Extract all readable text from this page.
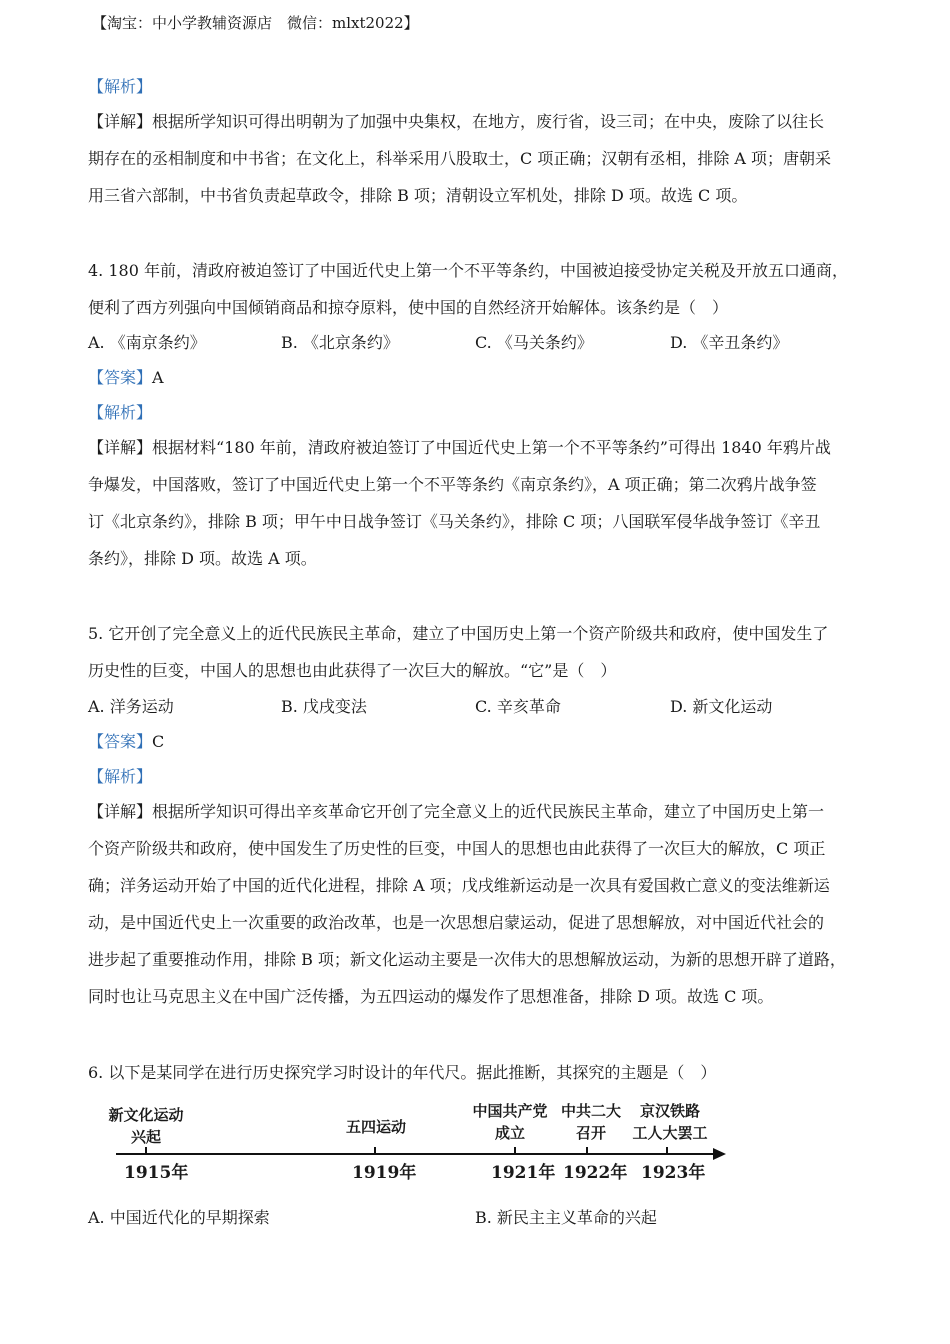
【淘宝：中小学教辅资源店　微信：mlxt2022】
【解析】
【详解】根据所学知识可得出明朝为了加强中央集权，在地方，废行省，设三司；在中央，废除了以往长
期存在的丞相制度和中书省；在文化上，科举采用八股取士，C 项正确；汉朝有丞相，排除 A 项；唐朝采
用三省六部制，中书省负责起草政令，排除 B 项；清朝设立军机处，排除 D 项。故选 C 项。
4. 180 年前，清政府被迫签订了中国近代史上第一个不平等条约，中国被迫接受协定关税及开放五口通商，
便利了西方列强向中国倾销商品和掠夺原料，使中国的自然经济开始解体。该条约是（　）
A. 《南京条约》	B. 《北京条约》	C. 《马关条约》	D. 《辛丑条约》
【答案】A
【解析】
【详解】根据材料“180 年前，清政府被迫签订了中国近代史上第一个不平等条约”可得出 1840 年鸦片战
争爆发，中国落败，签订了中国近代史上第一个不平等条约《南京条约》，A 项正确；第二次鸦片战争签
订《北京条约》，排除 B 项；甲午中日战争签订《马关条约》，排除 C 项；八国联军侵华战争签订《辛丑
条约》，排除 D 项。故选 A 项。
5. 它开创了完全意义上的近代民族民主革命，建立了中国历史上第一个资产阶级共和政府，使中国发生了
历史性的巨变，中国人的思想也由此获得了一次巨大的解放。“它”是（　）
A. 洋务运动	B. 戊戌变法	C. 辛亥革命	D. 新文化运动
【答案】C
【解析】
【详解】根据所学知识可得出辛亥革命它开创了完全意义上的近代民族民主革命，建立了中国历史上第一
个资产阶级共和政府，使中国发生了历史性的巨变，中国人的思想也由此获得了一次巨大的解放，C 项正
确；洋务运动开始了中国的近代化进程，排除 A 项；戊戌维新运动是一次具有爱国救亡意义的变法维新运
动，是中国近代史上一次重要的政治改革，也是一次思想启蒙运动，促进了思想解放，对中国近代社会的
进步起了重要推动作用，排除 B 项；新文化运动主要是一次伟大的思想解放运动，为新的思想开辟了道路，
同时也让马克思主义在中国广泛传播，为五四运动的爆发作了思想准备，排除 D 项。故选 C 项。
6. 以下是某同学在进行历史探究学习时设计的年代尺。据此推断，其探究的主题是（　）
新文化运动
兴起
五四运动
中国共产党
成立
中共二大
召开
京汉铁路
工人大罢工
1915年	1919年	1921年 1922年 1923年
A. 中国近代化的早期探索	B. 新民主主义革命的兴起
